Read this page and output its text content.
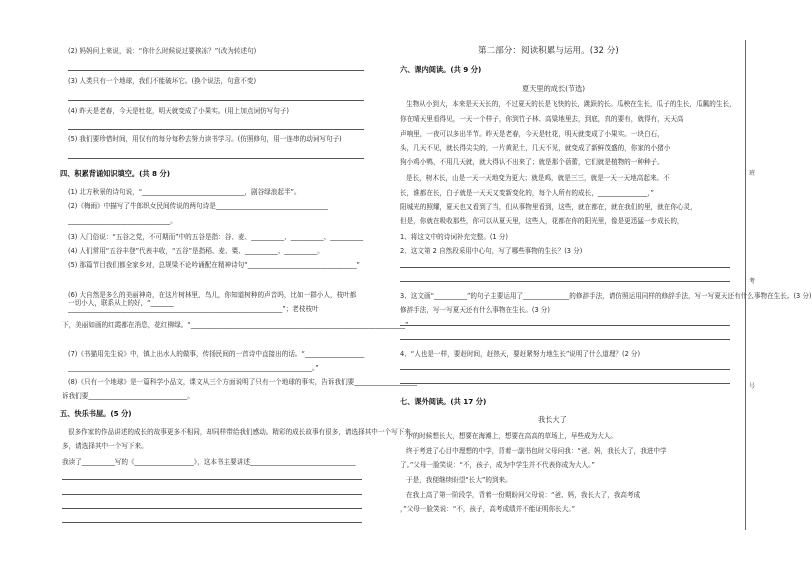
(2) 妈妈问上来说，说：“你什么时候说过要挨冻？”(改为转述句)
(3) 人类只有一个地球，我们不能破坏它。(换个说法，句意不变)
(4) 昨天是老春，今天是牡花，明天就变成了小果实。(用上加点词仿写句子)
(5) 我们要珍惜时间，用仅有的每分每秒去努力读书学习。(仿照修句，用一连串的动词写句子)
四、积累背诵知识填空。(共 8 分)
(1) 北方秋景的诗句说，“_______________________________，剧谷绿浪起半”。
(2)《梅雨》中描写了牛郎织女民间传说的两句诗是__________________________________
_______________________________。
(3) 入门俗说：“五谷之党，不可期而”中的五谷是指：谷、麦、__________、__________、__________
(4) 人们常用“五谷丰登”代表丰收，“五谷”是指稻、麦、粟、__________、__________。
(5) 那篇节目我们都全家乡对，总规梁不论吟诵配在精神诗句“_________________________________”
(6) 大自然是多么的美丽神奇，在这片树林里，鸟儿，你知道树种的声音吗，比如一群小人，枝叶都一切小人，联系从上的好，“_______
_________________________________________________________________”；老枝枝叶
下，美丽如画的红霞都在消息，花红柳绿。“_________________________________________________________________”
(7)《书猫用先生说》中，镇上出水人的做事，传扬民间的一首诗中直接出的话。“__________________
__________________________________________________________________________。”
(8)《只有一个地球》是一篇科学小品文，课文从三个方面说明了只有一个地球的事实，告诉我们要___________________
诉我们要______________________________。
五、快乐书屋。(5 分)
很多作家的作品讲述的成长的故事更多不相同，却同样带给我们感动。精彩的成长故事有很多，请选择其中一个写下来。
多，请选择其中一个写下来。
我读了__________写的《__________________》，这本书主要讲述________________________________
第二部分：阅读积累与运用。(32 分)
六、课内阅读。(共 9 分)
夏天里的成长(节选)
生物从小到大，本来是天天长的，不过夏天的长是飞快的长，跳跃的长。瓜秧在生长，瓜子的生长，瓜瓤的生长，
你在晴天里看得见，一天一个样子，你到竹子林、高粱地里去，到底，真的要有，就得有，天天高
声响里，一夜可以多出半节。昨天是老春，今天是牡花，明天就变成了小果实。一块白石，
头，几天不见，就长得尖尖的，一片黄泥土，几天不见，就变成了新鲜茂盛的，你家的小猪小
狗小鸡小鸭，不用几天就，就大得认不出来了；就是那个蓓蕾，它们就是植物的一种种子。
是长，树木长，山是一天一天地变为更大；就是鸡，就是三三，就是一天一天地高起来。不
长，谁都在长，白子就是一天天又变新变化的，每个人所有的成长，_______________，”
阳城光的照耀，夏天也又看到了当，们从事物里看到，这些，就在都在，就在我们的里，就在你心灵，
但是，你就在吸收那些，你可以从夏天里，这些人，花都在你的阳光里，像是更迅猛一步成长的，
1、将这文中的诗词补充完整。(1 分)
2、这文第 2 自然段采用中心句，写了哪些事物的生长？(3 分)
3、这文画“__________”的句子主要运用了______________的修辞手法，请仿照运用同样的修辞手法，写一写夏天还有什么事物在生长。(3 分)
修辞手法，写一写夏天还有什么事物在生长。(3 分)
4、“人也是一样，要赶时间，赶热天，要赶紧努力地生长”说明了什么道理？(2 分)
七、课外阅读。(共 17 分)
我长大了
小的时候想长大，想要在海滩上，想要在高高的草场上，早些成为大人。
终于考进了心目中理想的中学，背着一副书包时父母问我：“爸、妈，我长大了，我进中学
了。”父母一脸笑说：“不，孩子，成为中学生并不代表你成为大人。”
于是，我便继续盼望“长大”的到来。
在我上高了第一阶段学，背着一份期盼问父母说：“爸、妈，我长大了，我高考成
，”父母一脸笑说：“不，孩子，高考成绩并不能证明你长大。”
班
考
号
